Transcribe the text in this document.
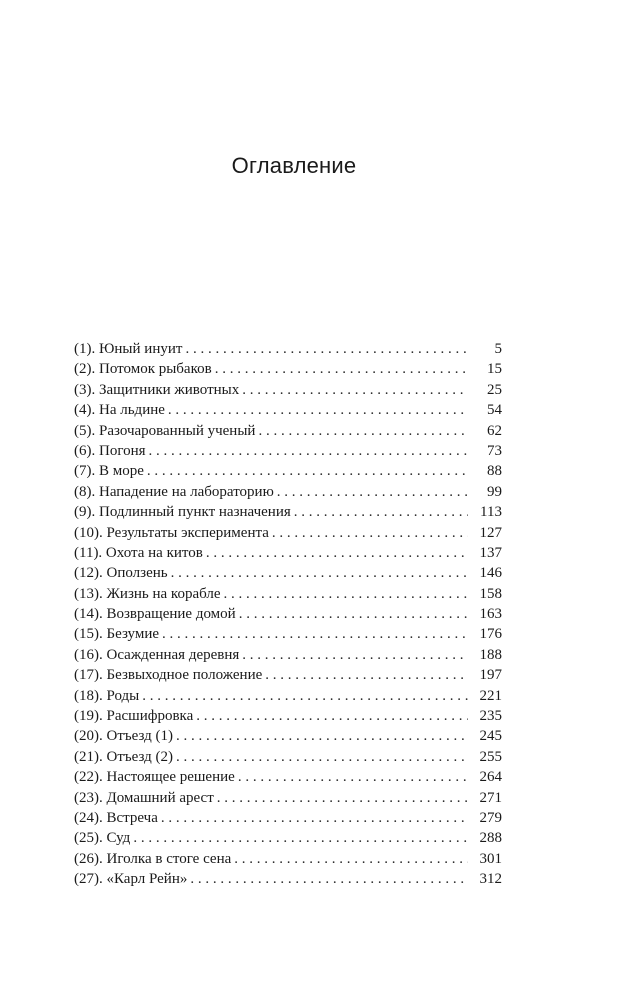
Оглавление
(1). Юный инуит . . .	5
(2). Потомок рыбаков . . .	15
(3). Защитники животных . . .	25
(4). На льдине . . .	54
(5). Разочарованный ученый . . .	62
(6). Погоня . . .	73
(7). В море . . .	88
(8). Нападение на лабораторию . . .	99
(9). Подлинный пункт назначения . . .	113
(10). Результаты эксперимента . . .	127
(11). Охота на китов . . .	137
(12). Оползень . . .	146
(13). Жизнь на корабле . . .	158
(14). Возвращение домой . . .	163
(15). Безумие . . .	176
(16). Осажденная деревня . . .	188
(17). Безвыходное положение . . .	197
(18). Роды . . .	221
(19). Расшифровка . . .	235
(20). Отъезд (1) . . .	245
(21). Отъезд (2) . . .	255
(22). Настоящее решение . . .	264
(23). Домашний арест . . .	271
(24). Встреча . . .	279
(25). Суд . . .	288
(26). Иголка в стоге сена . . .	301
(27). «Карл Рейн» . . .	312
